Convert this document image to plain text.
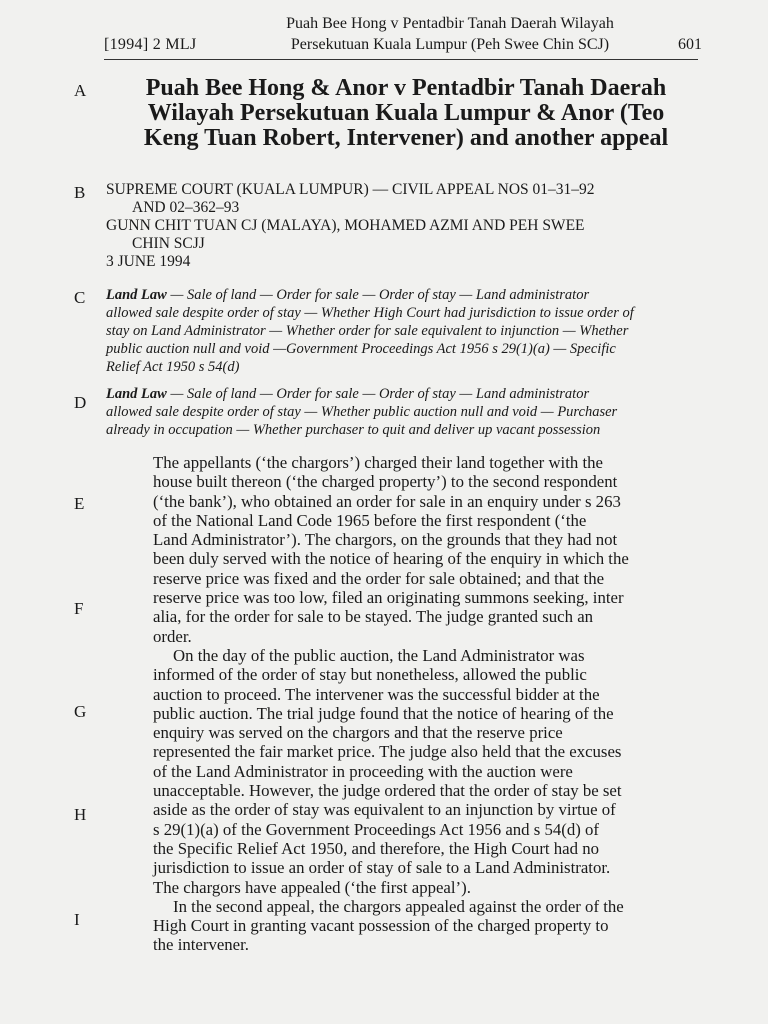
[1994] 2 MLJ
Puah Bee Hong v Pentadbir Tanah Daerah Wilayah
Persekutuan Kuala Lumpur (Peh Swee Chin SCJ)	601
A
B
C
D
E
F
G
H
I
Puah Bee Hong & Anor v Pentadbir Tanah Daerah
Wilayah Persekutuan Kuala Lumpur & Anor (Teo
Keng Tuan Robert, Intervener) and another appeal
SUPREME COURT (KUALA LUMPUR) — CIVIL APPEAL NOS 01–31–92
AND 02–362–93
GUNN CHIT TUAN CJ (MALAYA), MOHAMED AZMI AND PEH SWEE
CHIN SCJJ
3 JUNE 1994
Land Law — Sale of land — Order for sale — Order of stay — Land administrator
allowed sale despite order of stay — Whether High Court had jurisdiction to issue order of
stay on Land Administrator — Whether order for sale equivalent to injunction — Whether
public auction null and void —Government Proceedings Act 1956 s 29(1)(a) — Specific
Relief Act 1950 s 54(d)
Land Law — Sale of land — Order for sale — Order of stay — Land administrator
allowed sale despite order of stay — Whether public auction null and void — Purchaser
already in occupation — Whether purchaser to quit and deliver up vacant possession
The appellants (‘the chargors’) charged their land together with the
house built thereon (‘the charged property’) to the second respondent
(‘the bank’), who obtained an order for sale in an enquiry under s 263
of the National Land Code 1965 before the first respondent (‘the
Land Administrator’). The chargors, on the grounds that they had not
been duly served with the notice of hearing of the enquiry in which the
reserve price was fixed and the order for sale obtained; and that the
reserve price was too low, filed an originating summons seeking, inter
alia, for the order for sale to be stayed. The judge granted such an
order.
On the day of the public auction, the Land Administrator was
informed of the order of stay but nonetheless, allowed the public
auction to proceed. The intervener was the successful bidder at the
public auction. The trial judge found that the notice of hearing of the
enquiry was served on the chargors and that the reserve price
represented the fair market price. The judge also held that the excuses
of the Land Administrator in proceeding with the auction were
unacceptable. However, the judge ordered that the order of stay be set
aside as the order of stay was equivalent to an injunction by virtue of
s 29(1)(a) of the Government Proceedings Act 1956 and s 54(d) of
the Specific Relief Act 1950, and therefore, the High Court had no
jurisdiction to issue an order of stay of sale to a Land Administrator.
The chargors have appealed (‘the first appeal’).
In the second appeal, the chargors appealed against the order of the
High Court in granting vacant possession of the charged property to
the intervener.
